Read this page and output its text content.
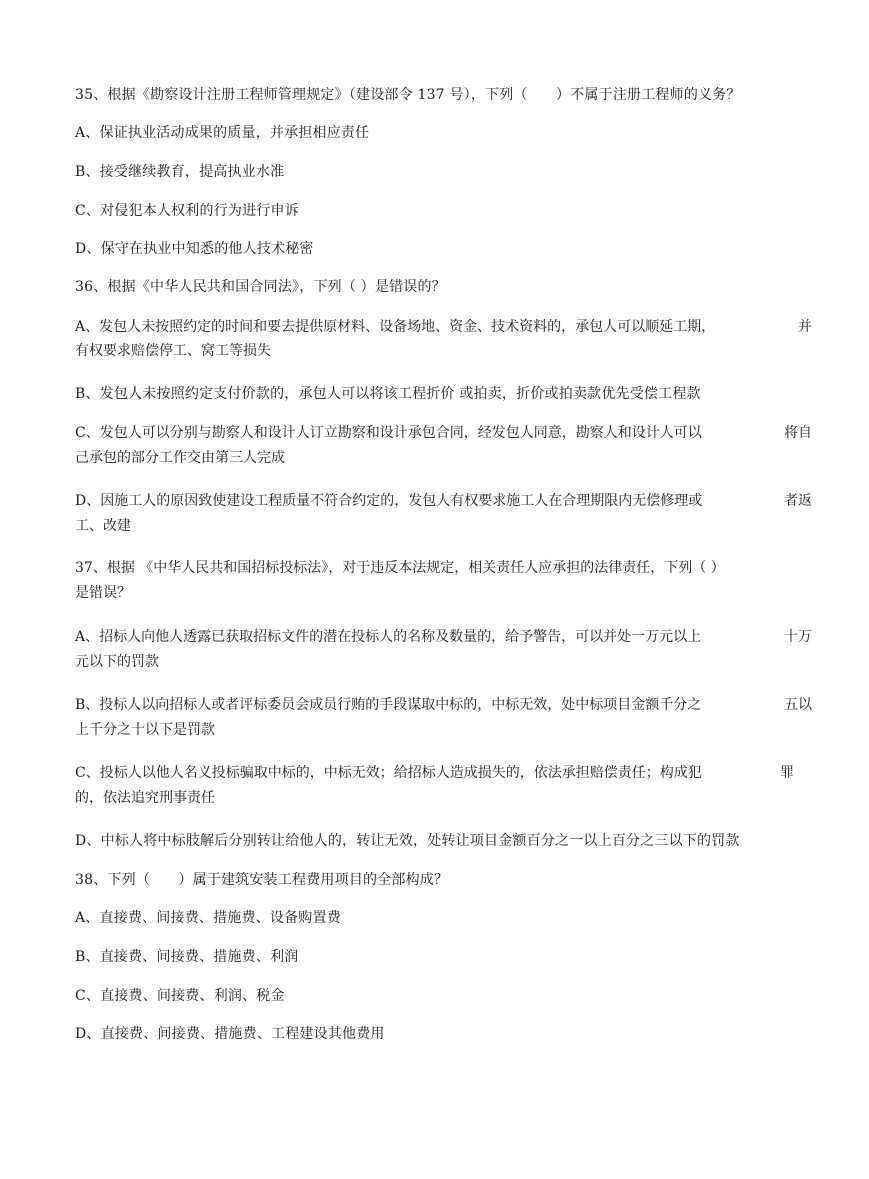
35、根据《勘察设计注册工程师管理规定》（建设部令 137 号），下列（　　）不属于注册工程师的义务？
A、保证执业活动成果的质量，并承担相应责任
B、接受继续教育，提高执业水准
C、对侵犯本人权利的行为进行申诉
D、保守在执业中知悉的他人技术秘密
36、根据《中华人民共和国合同法》，下列（ ）是错误的？
A、发包人未按照约定的时间和要去提供原材料、设备场地、资金、技术资料的，承包人可以顺延工期，	并
有权要求赔偿停工、窝工等损失
B、发包人未按照约定支付价款的，承包人可以将该工程折价 或拍卖，折价或拍卖款优先受偿工程款
C、发包人可以分别与勘察人和设计人订立勘察和设计承包合同，经发包人同意，勘察人和设计人可以	将自
己承包的部分工作交由第三人完成
D、因施工人的原因致使建设工程质量不符合约定的，发包人有权要求施工人在合理期限内无偿修理或	者返
工、改建
37、根据 《中华人民共和国招标投标法》，对于违反本法规定，相关责任人应承担的法律责任，下列（ ）
是错误？
A、招标人向他人透露已获取招标文件的潜在投标人的名称及数量的，给予警告，可以并处一万元以上	十万
元以下的罚款
B、投标人以向招标人或者评标委员会成员行贿的手段谋取中标的，中标无效，处中标项目金额千分之	五以
上千分之十以下是罚款
C、投标人以他人名义投标骗取中标的，中标无效；给招标人造成损失的，依法承担赔偿责任；构成犯	罪
的，依法追究刑事责任
D、中标人将中标肢解后分别转让给他人的，转让无效，处转让项目金额百分之一以上百分之三以下的罚款
38、下列（　　）属于建筑安装工程费用项目的全部构成？
A、直接费、间接费、措施费、设备购置费
B、直接费、间接费、措施费、利润
C、直接费、间接费、利润、税金
D、直接费、间接费、措施费、工程建设其他费用
